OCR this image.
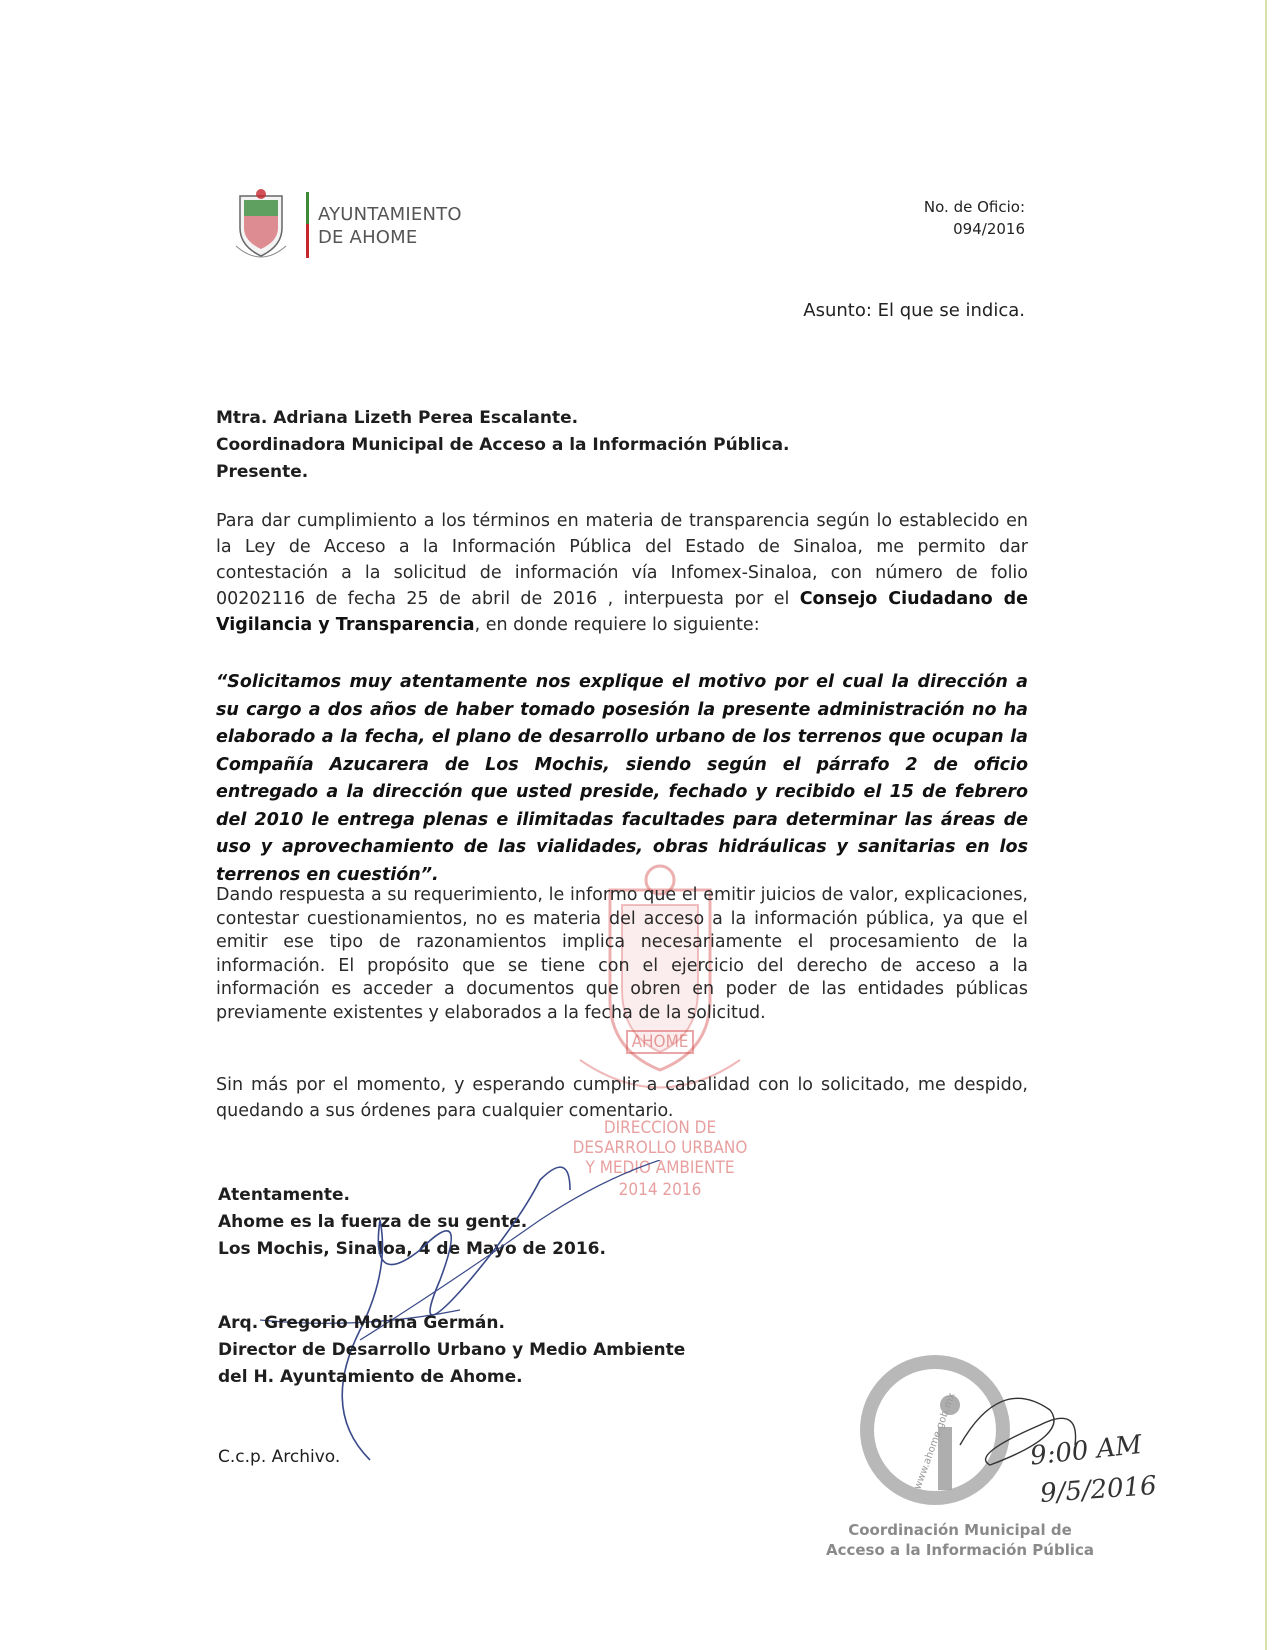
AYUNTAMIENTO
DE AHOME
No. de Oficio:
094/2016
Asunto: El que se indica.
Mtra. Adriana Lizeth Perea Escalante.
Coordinadora Municipal de Acceso a la Información Pública.
Presente.
AHOME
DIRECCION DE
DESARROLLO URBANO
Y MEDIO AMBIENTE
2014 2016
Para dar cumplimiento a los términos en materia de transparencia según lo establecido en la Ley de Acceso a la Información Pública del Estado de Sinaloa, me permito dar contestación a la solicitud de información vía Infomex-Sinaloa, con número de folio 00202116 de fecha 25 de abril de 2016 , interpuesta por el Consejo Ciudadano de Vigilancia y Transparencia, en donde requiere lo siguiente:
“Solicitamos muy atentamente nos explique el motivo por el cual la dirección a su cargo a dos años de haber tomado posesión la presente administración no ha elaborado a la fecha, el plano de desarrollo urbano de los terrenos que ocupan la Compañía Azucarera de Los Mochis, siendo según el párrafo 2 de oficio entregado a la dirección que usted preside, fechado y recibido el 15 de febrero del 2010 le entrega plenas e ilimitadas facultades para determinar las áreas de uso y aprovechamiento de las vialidades, obras hidráulicas y sanitarias en los terrenos en cuestión”.
Dando respuesta a su requerimiento, le informo que el emitir juicios de valor, explicaciones, contestar cuestionamientos, no es materia del acceso a la información pública, ya que el emitir ese tipo de razonamientos implica necesariamente el procesamiento de la información. El propósito que se tiene con el ejercicio del derecho de acceso a la información es acceder a documentos que obren en poder de las entidades públicas previamente existentes y elaborados a la fecha de la solicitud.
Sin más por el momento, y esperando cumplir a cabalidad con lo solicitado, me despido, quedando a sus órdenes para cualquier comentario.
Atentamente.
Ahome es la fuerza de su gente.
Los Mochis, Sinaloa, 4 de Mayo de 2016.
Arq. Gregorio Molina Germán.
Director de Desarrollo Urbano y Medio Ambiente
del H. Ayuntamiento de Ahome.
C.c.p. Archivo.	www.ahome.gob.mx
Coordinación Municipal de
Acceso a la Información Pública
9:00 AM
9/5/2016
